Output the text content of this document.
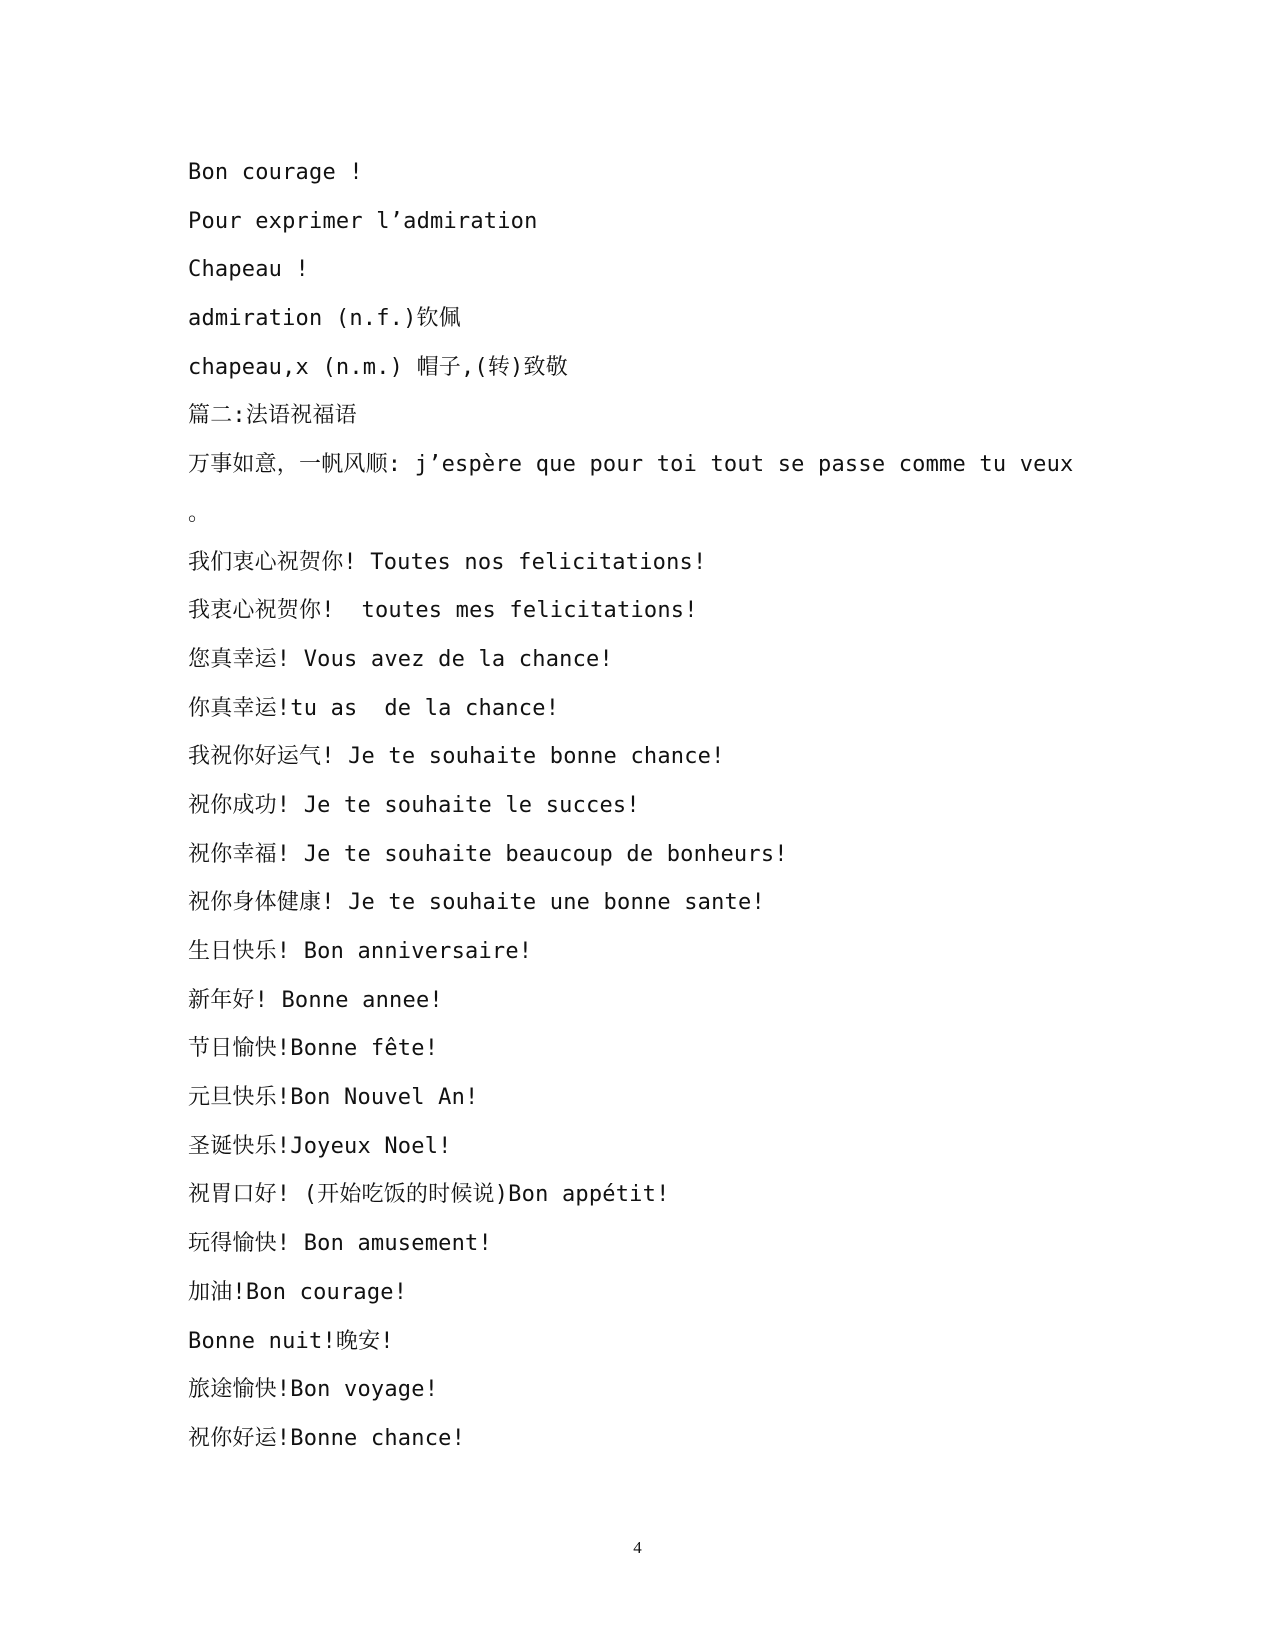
Bon courage !
Pour exprimer l’admiration
Chapeau !
admiration (n.f.)钦佩
chapeau,x (n.m.) 帽子,(转)致敬
篇二:法语祝福语
万事如意，一帆风顺: j’espère que pour toi tout se passe comme tu veux
。
我们衷心祝贺你! Toutes nos felicitations!
我衷心祝贺你!  toutes mes felicitations!
您真幸运! Vous avez de la chance!
你真幸运!tu as  de la chance!
我祝你好运气! Je te souhaite bonne chance!
祝你成功! Je te souhaite le succes!
祝你幸福! Je te souhaite beaucoup de bonheurs!
祝你身体健康! Je te souhaite une bonne sante!
生日快乐! Bon anniversaire!
新年好! Bonne annee!
节日愉快!Bonne fête!
元旦快乐!Bon Nouvel An!
圣诞快乐!Joyeux Noel!
祝胃口好! (开始吃饭的时候说)Bon appétit!
玩得愉快! Bon amusement!
加油!Bon courage!
Bonne nuit!晚安!
旅途愉快!Bon voyage!
祝你好运!Bonne chance!
4
